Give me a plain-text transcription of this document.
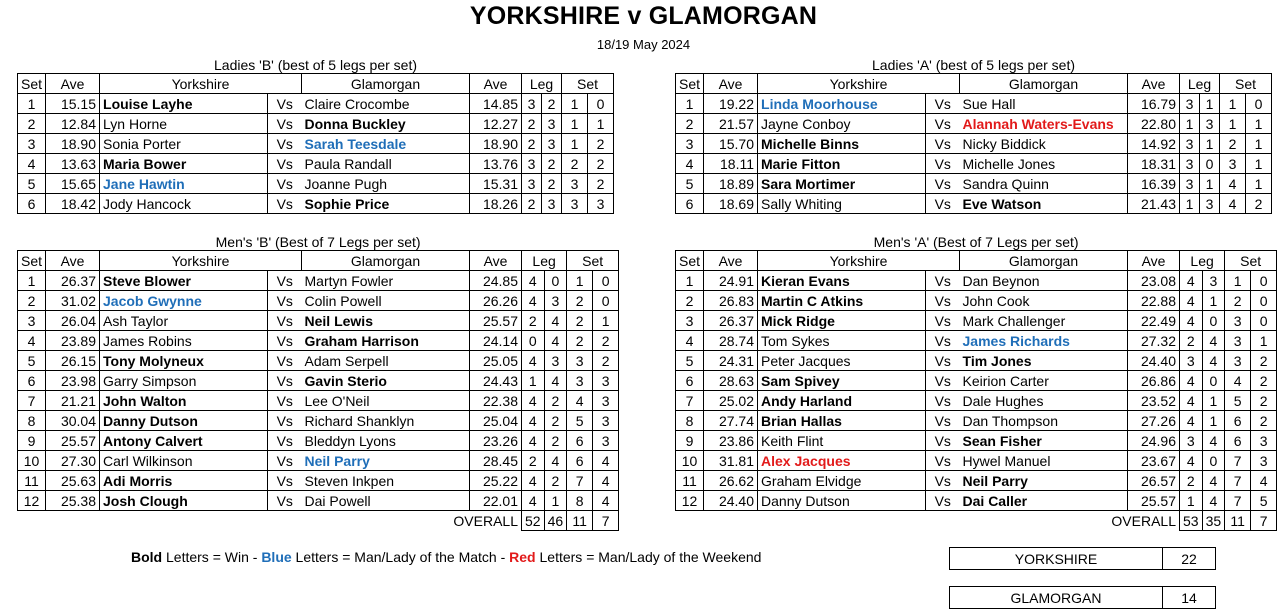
YORKSHIRE v GLAMORGAN
18/19 May 2024
Ladies 'B' (best of 5 legs per set)
Set	Ave	Yorkshire		Glamorgan	Ave	Leg		Set	
1	15.15	Louise Layhe	Vs	Claire Crocombe	14.85	3	2	1	0
2	12.84	Lyn Horne	Vs	Donna Buckley	12.27	2	3	1	1
3	18.90	Sonia Porter	Vs	Sarah Teesdale	18.90	2	3	1	2
4	13.63	Maria Bower	Vs	Paula Randall	13.76	3	2	2	2
5	15.65	Jane Hawtin	Vs	Joanne Pugh	15.31	3	2	3	2
6	18.42	Jody Hancock	Vs	Sophie Price	18.26	2	3	3	3
Ladies 'A' (best of 5 legs per set)
Set	Ave	Yorkshire		Glamorgan	Ave	Leg		Set	
1	19.22	Linda Moorhouse	Vs	Sue Hall	16.79	3	1	1	0
2	21.57	Jayne Conboy	Vs	Alannah Waters-Evans	22.80	1	3	1	1
3	15.70	Michelle Binns	Vs	Nicky Biddick	14.92	3	1	2	1
4	18.11	Marie Fitton	Vs	Michelle Jones	18.31	3	0	3	1
5	18.89	Sara Mortimer	Vs	Sandra Quinn	16.39	3	1	4	1
6	18.69	Sally Whiting	Vs	Eve Watson	21.43	1	3	4	2
Men's 'B' (Best of 7 Legs per set)
Set	Ave	Yorkshire		Glamorgan	Ave	Leg		Set	
1	26.37	Steve Blower	Vs	Martyn Fowler	24.85	4	0	1	0
2	31.02	Jacob Gwynne	Vs	Colin Powell	26.26	4	3	2	0
3	26.04	Ash Taylor	Vs	Neil Lewis	25.57	2	4	2	1
4	23.89	James Robins	Vs	Graham Harrison	24.14	0	4	2	2
5	26.15	Tony Molyneux	Vs	Adam Serpell	25.05	4	3	3	2
6	23.98	Garry Simpson	Vs	Gavin Sterio	24.43	1	4	3	3
7	21.21	John Walton	Vs	Lee O'Neil	22.38	4	2	4	3
8	30.04	Danny Dutson	Vs	Richard Shanklyn	25.04	4	2	5	3
9	25.57	Antony Calvert	Vs	Bleddyn Lyons	23.26	4	2	6	3
10	27.30	Carl Wilkinson	Vs	Neil Parry	28.45	2	4	6	4
11	25.63	Adi Morris	Vs	Steven Inkpen	25.22	4	2	7	4
12	25.38	Josh Clough	Vs	Dai Powell	22.01	4	1	8	4
OVERALL						52	46	11	7
Men's 'A' (Best of 7 Legs per set)
Set	Ave	Yorkshire		Glamorgan	Ave	Leg		Set	
1	24.91	Kieran Evans	Vs	Dan Beynon	23.08	4	3	1	0
2	26.83	Martin C Atkins	Vs	John Cook	22.88	4	1	2	0
3	26.37	Mick Ridge	Vs	Mark Challenger	22.49	4	0	3	0
4	28.74	Tom Sykes	Vs	James Richards	27.32	2	4	3	1
5	24.31	Peter Jacques	Vs	Tim Jones	24.40	3	4	3	2
6	28.63	Sam Spivey	Vs	Keirion Carter	26.86	4	0	4	2
7	25.02	Andy Harland	Vs	Dale Hughes	23.52	4	1	5	2
8	27.74	Brian Hallas	Vs	Dan Thompson	27.26	4	1	6	2
9	23.86	Keith Flint	Vs	Sean Fisher	24.96	3	4	6	3
10	31.81	Alex Jacques	Vs	Hywel Manuel	23.67	4	0	7	3
11	26.62	Graham Elvidge	Vs	Neil Parry	26.57	2	4	7	4
12	24.40	Danny Dutson	Vs	Dai Caller	25.57	1	4	7	5
OVERALL						53	35	11	7
Bold Letters = Win - Blue Letters = Man/Lady of the Match - Red Letters = Man/Lady of the Weekend	YORKSHIRE	22
GLAMORGAN	14
